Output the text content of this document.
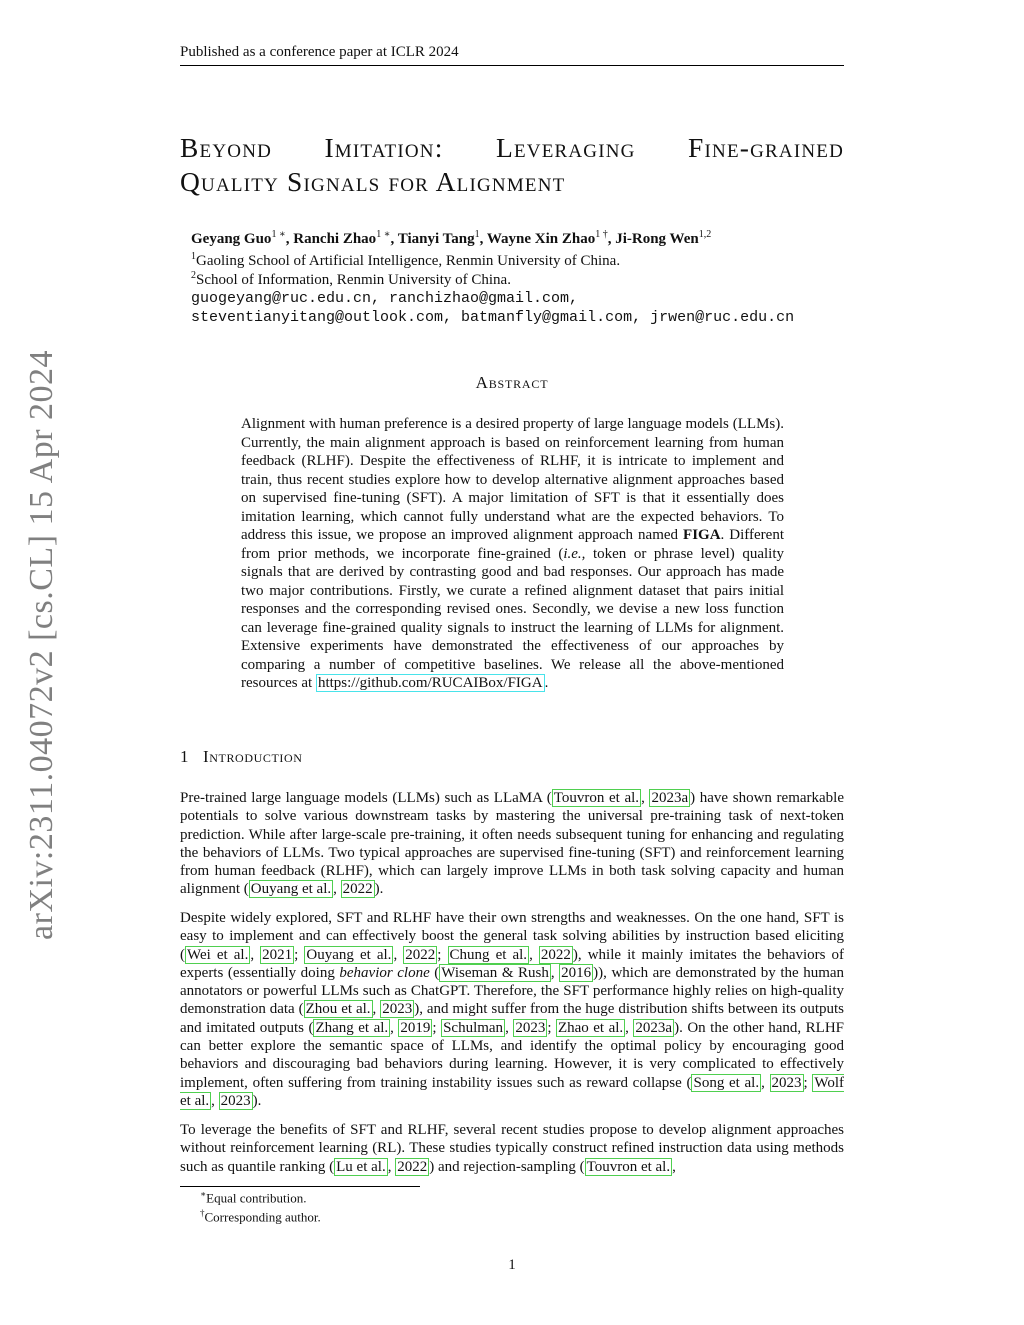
Published as a conference paper at ICLR 2024
Beyond Imitation: Leveraging Fine-grained
Quality Signals for Alignment
Geyang Guo$^{1 ∗}$, Ranchi Zhao$^{1 ∗}$, Tianyi Tang$^1$, Wayne Xin Zhao$^{1 \dagger}$, Ji-Rong Wen$^{1,2}$
$^1$Gaoling School of Artificial Intelligence, Renmin University of China.
$^2$School of Information, Renmin University of China.
guogeyang@ruc.edu.cn, ranchizhao@gmail.com,
steventianyitang@outlook.com, batmanfly@gmail.com, jrwen@ruc.edu.cn
arXiv:2311.04072v2 [cs.CL] 15 Apr 2024	Abstract

Alignment with human preference is a desired property of large language models (LLMs). Currently, the main alignment approach is based on reinforcement learning from human feedback (RLHF). Despite the effectiveness of RLHF, it is intricate to implement and train, thus recent studies explore how to develop alternative alignment approaches based on supervised fine-tuning (SFT). A major limitation of SFT is that it essentially does imitation learning, which cannot fully understand what are the expected behaviors. To address this issue, we propose an improved alignment approach named FIGA. Different from prior methods, we incorporate fine-grained (i.e., token or phrase level) quality signals that are derived by contrasting good and bad responses. Our approach has made two major contributions. Firstly, we curate a refined alignment dataset that pairs initial responses and the corresponding revised ones. Secondly, we devise a new loss function can leverage fine-grained quality signals to instruct the learning of LLMs for alignment. Extensive experiments have demonstrated the effectiveness of our approaches by comparing a number of competitive baselines. We release all the above-mentioned resources at https://github.com/RUCAIBox/FIGA .

1 Introduction

Pre-trained large language models (LLMs) such as LLaMA ( Touvron et al. , 2023a ) have shown remarkable potentials to solve various downstream tasks by mastering the universal pre-training task of next-token prediction. While after large-scale pre-training, it often needs subsequent tuning for enhancing and regulating the behaviors of LLMs. Two typical approaches are supervised fine-tuning (SFT) and reinforcement learning from human feedback (RLHF), which can largely improve LLMs in both task solving capacity and human alignment ( Ouyang et al. , 2022 ).

Despite widely explored, SFT and RLHF have their own strengths and weaknesses. On the one hand, SFT is easy to implement and can effectively boost the general task solving abilities by instruction based eliciting ( Wei et al. , 2021 ; Ouyang et al. , 2022 ; Chung et al. , 2022 ), while it mainly imitates the behaviors of experts (essentially doing behavior clone ( Wiseman & Rush , 2016 )), which are demonstrated by the human annotators or powerful LLMs such as ChatGPT. Therefore, the SFT performance highly relies on high-quality demonstration data ( Zhou et al. , 2023 ), and might suffer from the huge distribution shifts between its outputs and imitated outputs ( Zhang et al. , 2019 ; Schulman , 2023 ; Zhao et al. , 2023a ). On the other hand, RLHF can better explore the semantic space of LLMs, and identify the optimal policy by encouraging good behaviors and discouraging bad behaviors during learning. However, it is very complicated to effectively implement, often suffering from training instability issues such as reward collapse ( Song et al. , 2023 ; Wolf et al. , 2023 ).

To leverage the benefits of SFT and RLHF, several recent studies propose to develop alignment approaches without reinforcement learning (RL). These studies typically construct refined instruction data using methods such as quantile ranking ( Lu et al. , 2022 ) and rejection-sampling ( Touvron et al. ,

∗Equal contribution.
†Corresponding author.
1
